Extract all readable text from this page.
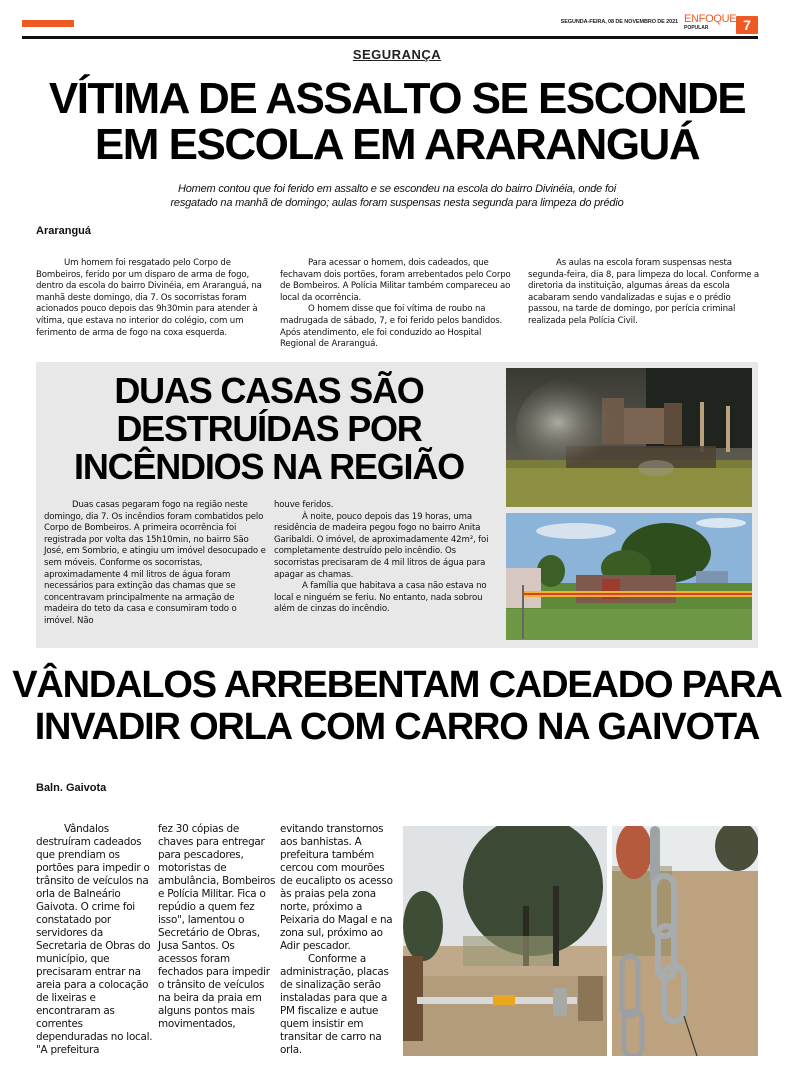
SEGUNDA-FEIRA, 08 DE NOVEMBRO DE 2021 ENFOQUE
POPULAR	7
SEGURANÇA
VÍTIMA DE ASSALTO SE ESCONDE
EM ESCOLA EM ARARANGUÁ
Homem contou que foi ferido em assalto e se escondeu na escola do bairro Divinéia, onde foi
resgatado na manhã de domingo; aulas foram suspensas nesta segunda para limpeza do prédio
Araranguá

Um homem foi resgatado pelo Corpo de Bombeiros, ferido por um disparo de arma de fogo, dentro da escola do bairro Divinéia, em Araranguá, na manhã deste domingo, dia 7. Os socorristas foram acionados pouco depois das 9h30min para atender à vítima, que estava no interior do colégio, com um ferimento de arma de fogo na coxa esquerda.

Para acessar o homem, dois cadeados, que fechavam dois portões, foram arrebentados pelo Corpo de Bombeiros. A Polícia Militar também compareceu ao local da ocorrência.

O homem disse que foi vítima de roubo na madrugada de sábado, 7, e foi ferido pelos bandidos. Após atendimento, ele foi conduzido ao Hospital Regional de Araranguá.

As aulas na escola foram suspensas nesta segunda-feira, dia 8, para limpeza do local. Conforme a diretoria da instituição, algumas áreas da escola acabaram sendo vandalizadas e sujas e o prédio passou, na tarde de domingo, por perícia criminal realizada pela Polícia Civil.

DUAS CASAS SÃO
DESTRUÍDAS POR
INCÊNDIOS NA REGIÃO

Duas casas pegaram fogo na região neste domingo, dia 7. Os incêndios foram combatidos pelo Corpo de Bombeiros. A primeira ocorrência foi registrada por volta das 15h10min, no bairro São José, em Sombrio, e atingiu um imóvel desocupado e sem móveis. Conforme os socorristas, aproximadamente 4 mil litros de água foram necessários para extinção das chamas que se concentravam principalmente na armação de madeira do teto da casa e consumiram todo o imóvel. Não

houve feridos.

À noite, pouco depois das 19 horas, uma residência de madeira pegou fogo no bairro Anita Garibaldi. O imóvel, de aproximadamente 42m², foi completamente destruído pelo incêndio. Os socorristas precisaram de 4 mil litros de água para apagar as chamas.

A família que habitava a casa não estava no local e ninguém se feriu. No entanto, nada sobrou além de cinzas do incêndio.

VÂNDALOS ARREBENTAM CADEADO PARA
INVADIR ORLA COM CARRO NA GAIVOTA
Baln. Gaivota

Vândalos destruíram cadeados que prendiam os portões para impedir o trânsito de veículos na orla de Balneário Gaivota. O crime foi constatado por servidores da Secretaria de Obras do município, que precisaram entrar na areia para a colocação de lixeiras e encontraram as correntes dependuradas no local. "A prefeitura

fez 30 cópias de chaves para entregar para pescadores, motoristas de ambulância, Bombeiros e Polícia Militar. Fica o repúdio a quem fez isso", lamentou o Secretário de Obras, Jusa Santos. Os acessos foram fechados para impedir o trânsito de veículos na beira da praia em alguns pontos mais movimentados,

evitando transtornos aos banhistas. A prefeitura também cercou com mourões de eucalipto os acesso às praias pela zona norte, próximo a Peixaria do Magal e na zona sul, próximo ao Adir pescador.

Conforme a administração, placas de sinalização serão instaladas para que a PM fiscalize e autue quem insistir em transitar de carro na orla.
